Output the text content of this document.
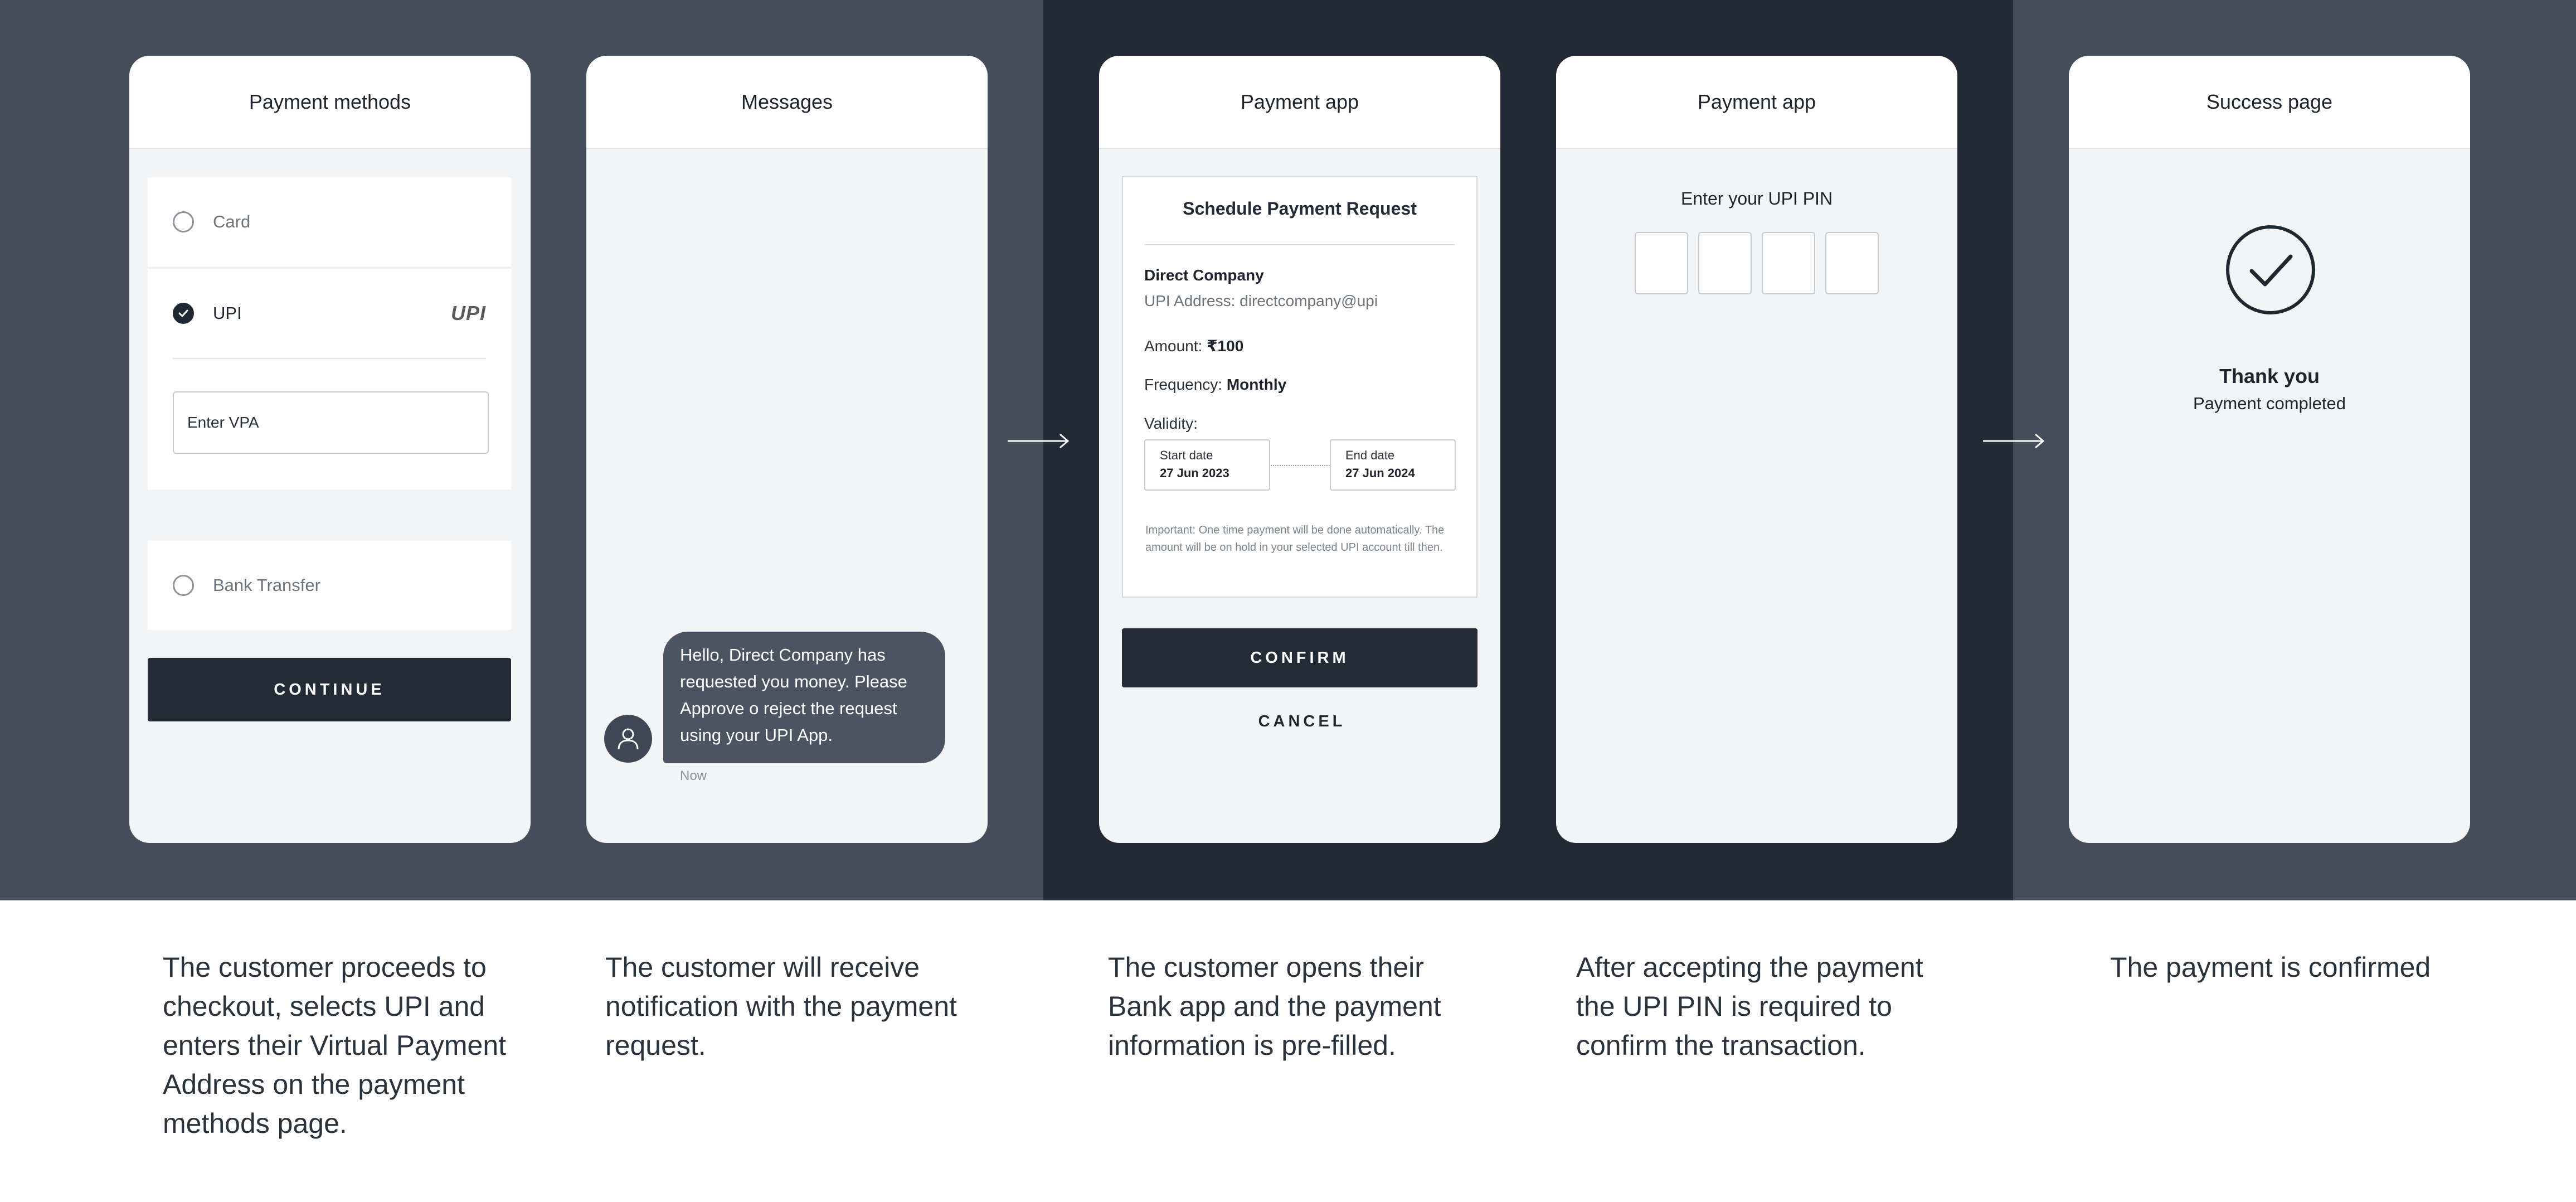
Payment methods
Card
UPI	UPI
Enter VPA
Bank Transfer
CONTINUE
Messages
Hello, Direct Company has requested you money. Please Approve o reject the request using your UPI App.
Now
Payment app
Schedule Payment Request
Direct Company
UPI Address: directcompany@upi
Amount: ₹100
Frequency: Monthly
Validity:
Start date
27 Jun 2023
End date
27 Jun 2024
Important: One time payment will be done automatically. The amount will be on hold in your selected UPI account till then.
CONFIRM
CANCEL
Payment app
Enter your UPI PIN
Success page
Thank you
Payment completed
The customer proceeds to checkout, selects UPI and enters their Virtual Payment Address on the payment methods page.
The customer will receive notification with the payment request.
The customer opens their Bank app and the payment information is pre-filled.
After accepting the payment the UPI PIN is required to confirm the transaction.
The payment is confirmed
